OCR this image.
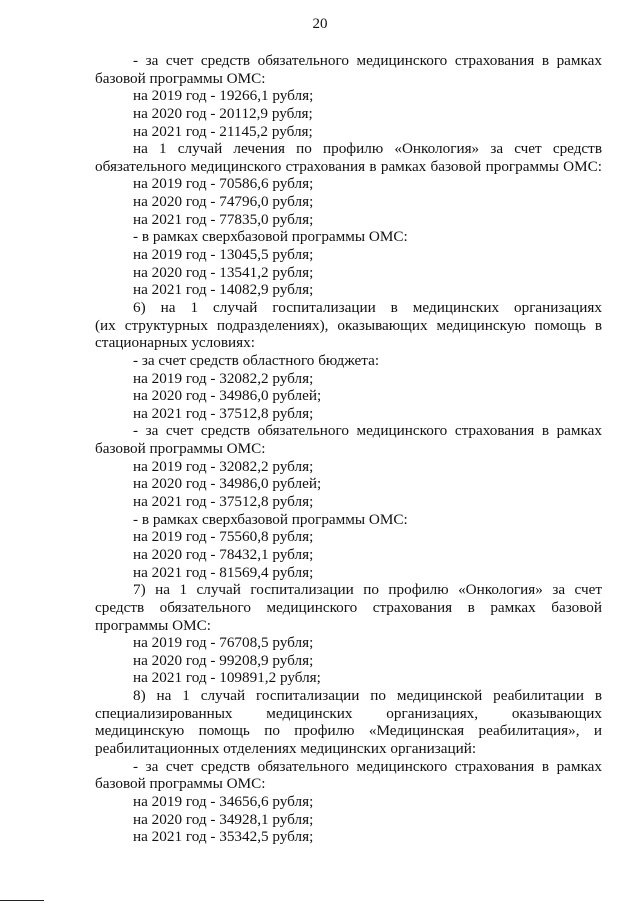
20
- за счет средств обязательного медицинского страхования в рамках
базовой программы ОМС:
на 2019 год - 19266,1 рубля;
на 2020 год - 20112,9 рубля;
на 2021 год - 21145,2 рубля;
на 1 случай лечения по профилю «Онкология» за счет средств
обязательного медицинского страхования в рамках базовой программы ОМС:
на 2019 год - 70586,6 рубля;
на 2020 год - 74796,0 рубля;
на 2021 год - 77835,0 рубля;
- в рамках сверхбазовой программы ОМС:
на 2019 год - 13045,5 рубля;
на 2020 год - 13541,2 рубля;
на 2021 год - 14082,9 рубля;
6) на 1 случай госпитализации в медицинских организациях
(их структурных подразделениях), оказывающих медицинскую помощь в
стационарных условиях:
- за счет средств областного бюджета:
на 2019 год - 32082,2 рубля;
на 2020 год - 34986,0 рублей;
на 2021 год - 37512,8 рубля;
- за счет средств обязательного медицинского страхования в рамках
базовой программы ОМС:
на 2019 год - 32082,2 рубля;
на 2020 год - 34986,0 рублей;
на 2021 год - 37512,8 рубля;
- в рамках сверхбазовой программы ОМС:
на 2019 год - 75560,8 рубля;
на 2020 год - 78432,1 рубля;
на 2021 год - 81569,4 рубля;
7) на 1 случай госпитализации по профилю «Онкология» за счет
средств обязательного медицинского страхования в рамках базовой
программы ОМС:
на 2019 год - 76708,5 рубля;
на 2020 год - 99208,9 рубля;
на 2021 год - 109891,2 рубля;
8) на 1 случай госпитализации по медицинской реабилитации в
специализированных медицинских организациях, оказывающих
медицинскую помощь по профилю «Медицинская реабилитация», и
реабилитационных отделениях медицинских организаций:
- за счет средств обязательного медицинского страхования в рамках
базовой программы ОМС:
на 2019 год - 34656,6 рубля;
на 2020 год - 34928,1 рубля;
на 2021 год - 35342,5 рубля;
